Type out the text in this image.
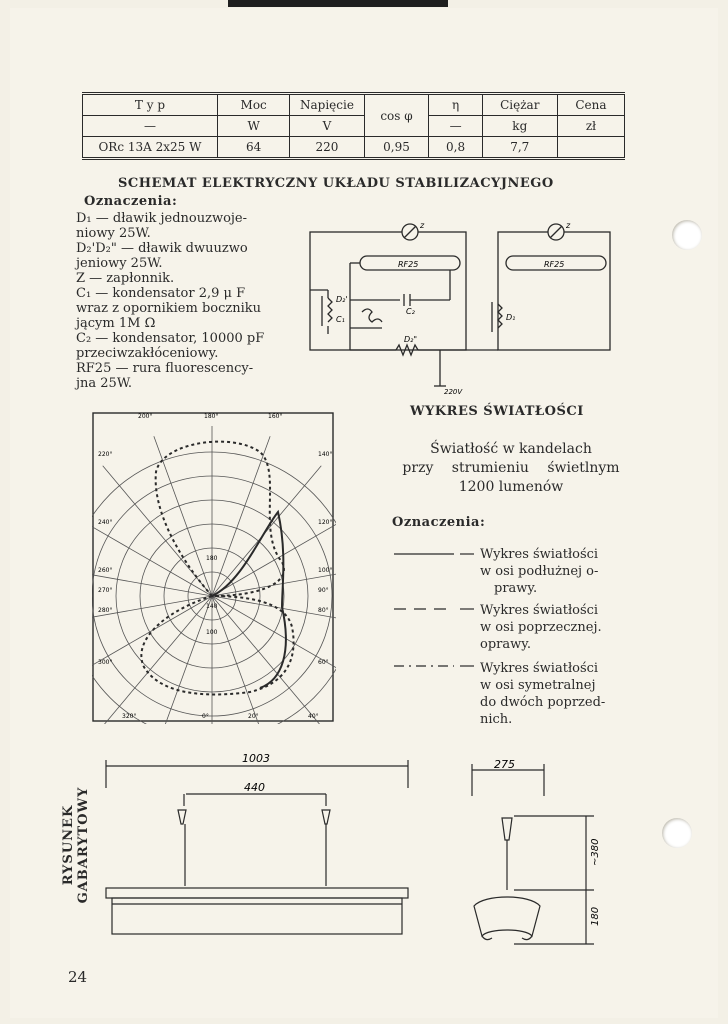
T y p	Moc	Napięcie	cos φ	η	Ciężar	Cena
—	W	V		—	kg	zł
ORc 13A 2x25 W	64	220	0,95	0,8	7,7	
SCHEMAT ELEKTRYCZNY UKŁADU STABILIZACYJNEGO
Oznaczenia:
D₁ — dławik jednouzwoje-
niowy 25W.
D₂'D₂" — dławik dwuuzwo
jeniowy 25W.
Z — zapłonnik.
C₁ — kondensator 2,9 μ F
wraz z opornikiem boczniku
jącym 1M Ω
C₂ — kondensator, 10000 pF
przeciwzakłóceniowy.
RF25 — rura fluorescency-
jna 25W.
RF25	RF25
z	z
D₂'
C₁
C₂
D₂"
D₁
220V
WYKRES ŚWIATŁOŚCI
Światłość w kandelach
przy strumieniu świetlnym
1200 lumenów
Oznaczenia:
Wykres światłości
w osi podłużnej o-
prawy.
Wykres światłości
w osi poprzecznej.
oprawy.
Wykres światłości
w osi symetralnej
do dwóch poprzed-
nich.
200°	180°	160°
220°	140°
240°	120°
260°	100°
270°	90°
280°	80°
300°	60°
320°	0°	20°	40°
180
140
100
RYSUNEK GABARYTOWY
1003
440
275
~380
180
24
